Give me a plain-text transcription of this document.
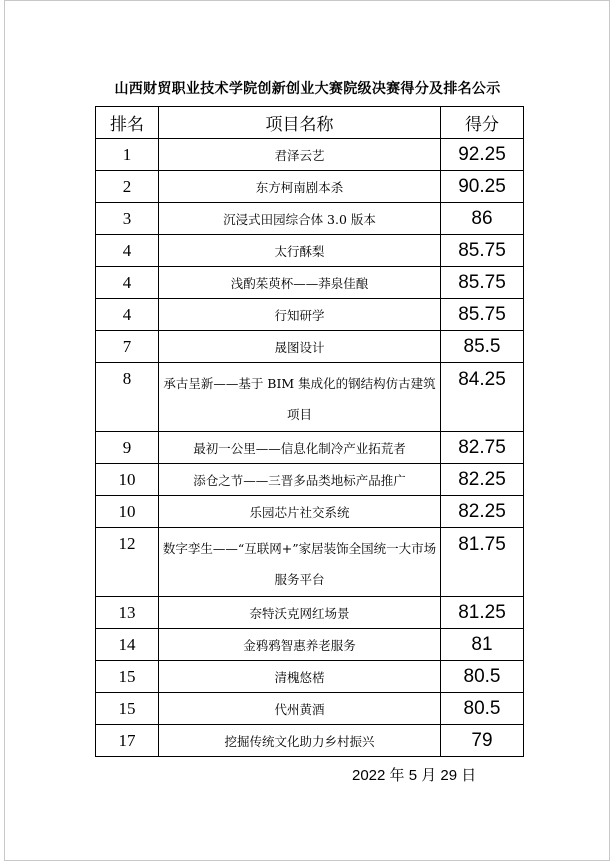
山西财贸职业技术学院创新创业大赛院级决赛得分及排名公示
排名	项目名称	得分
1	君泽云艺	92.25
2	东方柯南剧本杀	90.25
3	沉浸式田园综合体 3.0 版本	86
4	太行酥梨	85.75
4	浅酌茱萸杯——莽泉佳酿	85.75
4	行知研学	85.75
7	晟图设计	85.5
8	承古呈新——基于 BIM 集成化的钢结构仿古建筑项目	84.25
9	最初一公里——信息化制冷产业拓荒者	82.75
10	添仓之节——三晋多品类地标产品推广	82.25
10	乐园芯片社交系统	82.25
12	数字孪生——“互联网+”家居装饰全国统一大市场服务平台	81.75
13	奈特沃克网红场景	81.25
14	金鸦鸦智惠养老服务	81
15	清槐悠楛	80.5
15	代州黄酒	80.5
17	挖掘传统文化助力乡村振兴	79
2022 年 5 月 29 日
